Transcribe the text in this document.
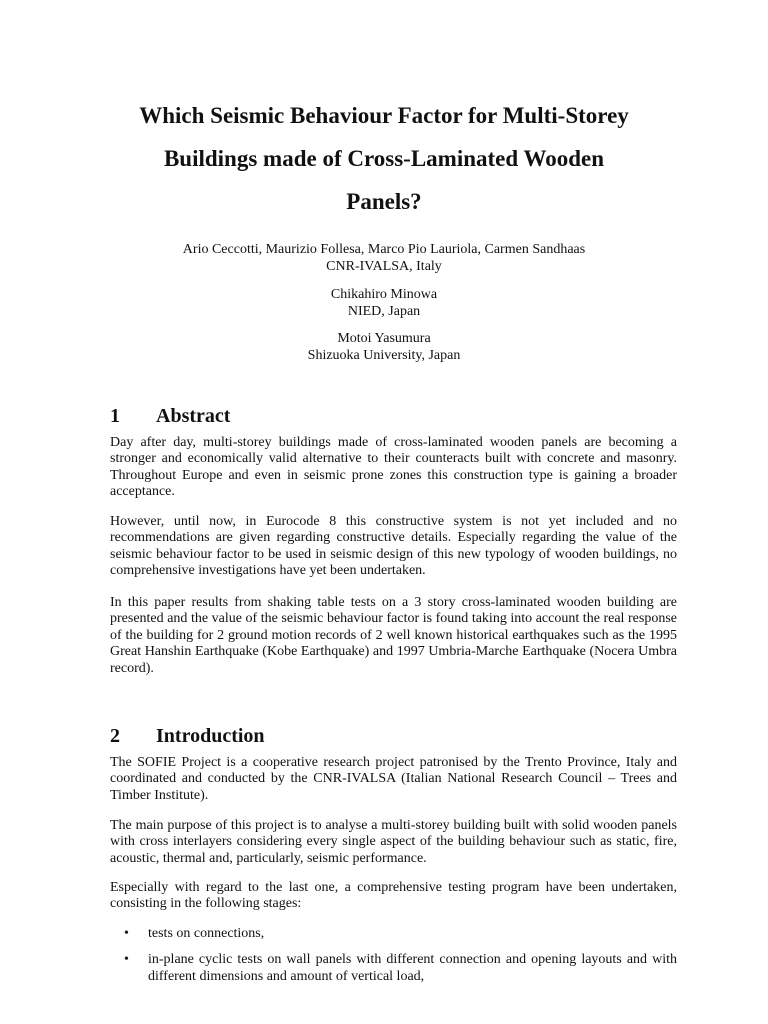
Which Seismic Behaviour Factor for Multi-Storey
Buildings made of Cross-Laminated Wooden
Panels?
Ario Ceccotti, Maurizio Follesa, Marco Pio Lauriola, Carmen Sandhaas
CNR-IVALSA, Italy
Chikahiro Minowa
NIED, Japan
Motoi Yasumura
Shizuoka University, Japan
1 Abstract
Day after day, multi-storey buildings made of cross-laminated wooden panels are becoming a stronger and economically valid alternative to their counteracts built with concrete and masonry. Throughout Europe and even in seismic prone zones this construction type is gaining a broader acceptance.
However, until now, in Eurocode 8 this constructive system is not yet included and no recommendations are given regarding constructive details. Especially regarding the value of the seismic behaviour factor to be used in seismic design of this new typology of wooden buildings, no comprehensive investigations have yet been undertaken.
In this paper results from shaking table tests on a 3 story cross-laminated wooden building are presented and the value of the seismic behaviour factor is found taking into account the real response of the building for 2 ground motion records of 2 well known historical earthquakes such as the 1995 Great Hanshin Earthquake (Kobe Earthquake) and 1997 Umbria-Marche Earthquake (Nocera Umbra record).
2 Introduction
The SOFIE Project is a cooperative research project patronised by the Trento Province, Italy and coordinated and conducted by the CNR-IVALSA (Italian National Research Council – Trees and Timber Institute).
The main purpose of this project is to analyse a multi-storey building built with solid wooden panels with cross interlayers considering every single aspect of the building behaviour such as static, fire, acoustic, thermal and, particularly, seismic performance.
Especially with regard to the last one, a comprehensive testing program have been undertaken, consisting in the following stages:
• tests on connections,
• in-plane cyclic tests on wall panels with different connection and opening layouts and with different dimensions and amount of vertical load,
